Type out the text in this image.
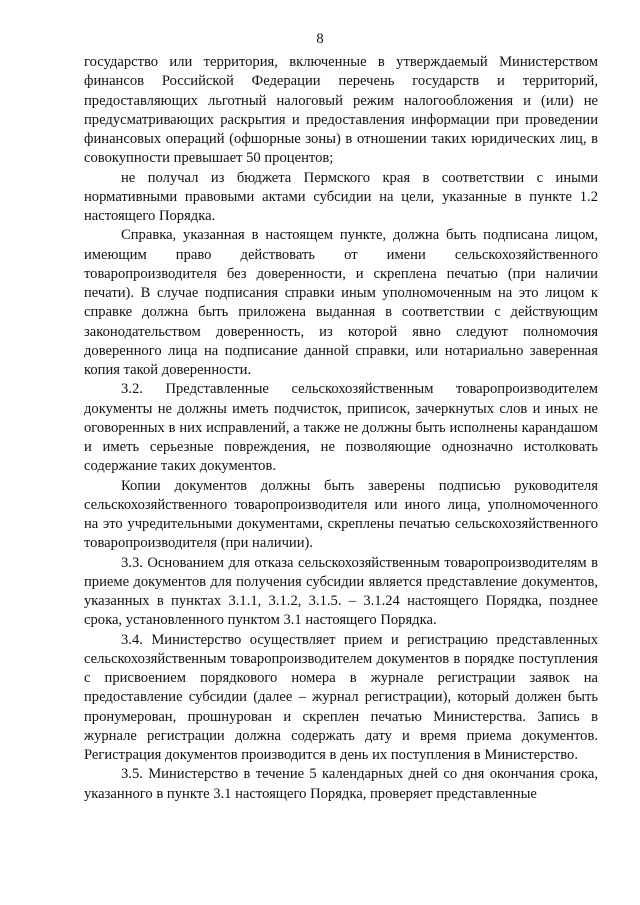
8

государство или территория, включенные в утверждаемый Министерством финансов Российской Федерации перечень государств и территорий, предоставляющих льготный налоговый режим налогообложения и (или) не предусматривающих раскрытия и предоставления информации при проведении финансовых операций (офшорные зоны) в отношении таких юридических лиц, в совокупности превышает 50 процентов;

не получал из бюджета Пермского края в соответствии с иными нормативными правовыми актами субсидии на цели, указанные в пункте 1.2 настоящего Порядка.

Справка, указанная в настоящем пункте, должна быть подписана лицом, имеющим право действовать от имени сельскохозяйственного товаропроизводителя без доверенности, и скреплена печатью (при наличии печати). В случае подписания справки иным уполномоченным на это лицом к справке должна быть приложена выданная в соответствии с действующим законодательством доверенность, из которой явно следуют полномочия доверенного лица на подписание данной справки, или нотариально заверенная копия такой доверенности.

3.2. Представленные сельскохозяйственным товаропроизводителем документы не должны иметь подчисток, приписок, зачеркнутых слов и иных не оговоренных в них исправлений, а также не должны быть исполнены карандашом и иметь серьезные повреждения, не позволяющие однозначно истолковать содержание таких документов.

Копии документов должны быть заверены подписью руководителя сельскохозяйственного товаропроизводителя или иного лица, уполномоченного на это учредительными документами, скреплены печатью сельскохозяйственного товаропроизводителя (при наличии).

3.3. Основанием для отказа сельскохозяйственным товаропроизводителям в приеме документов для получения субсидии является представление документов, указанных в пунктах 3.1.1, 3.1.2, 3.1.5. – 3.1.24 настоящего Порядка, позднее срока, установленного пунктом 3.1 настоящего Порядка.

3.4. Министерство осуществляет прием и регистрацию представленных сельскохозяйственным товаропроизводителем документов в порядке поступления с присвоением порядкового номера в журнале регистрации заявок на предоставление субсидии (далее – журнал регистрации), который должен быть пронумерован, прошнурован и скреплен печатью Министерства. Запись в журнале регистрации должна содержать дату и время приема документов. Регистрация документов производится в день их поступления в Министерство.

3.5. Министерство в течение 5 календарных дней со дня окончания срока, указанного в пункте 3.1 настоящего Порядка, проверяет представленные
